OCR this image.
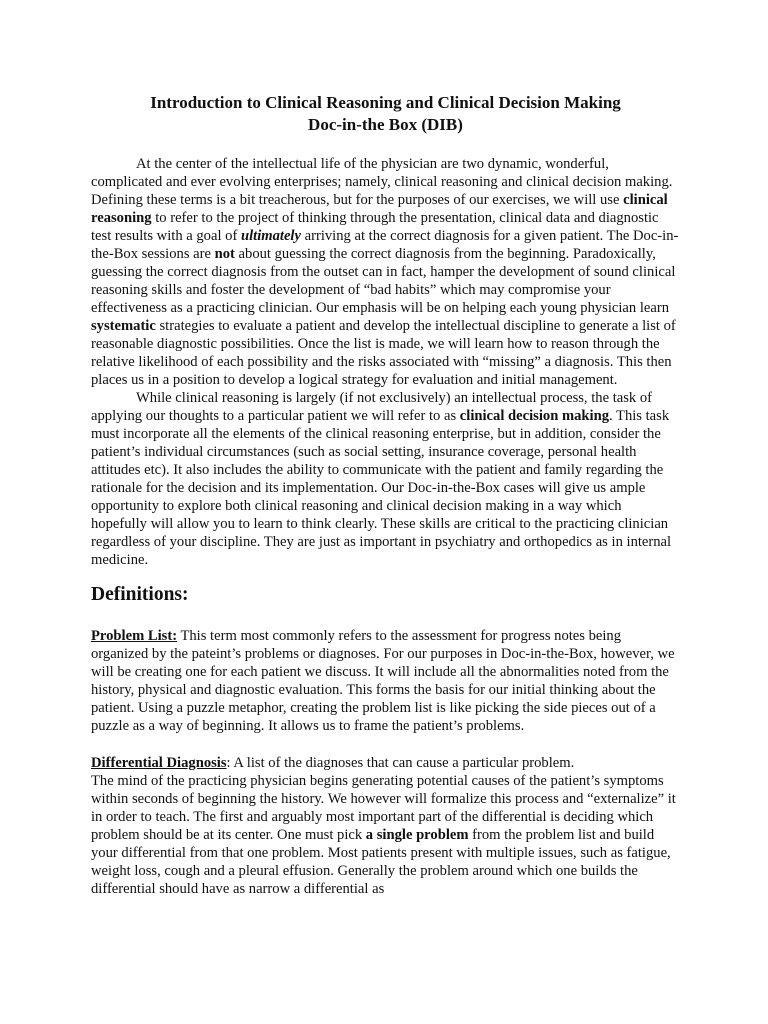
Introduction to Clinical Reasoning and Clinical Decision Making
Doc-in-the Box (DIB)

At the center of the intellectual life of the physician are two dynamic, wonderful, complicated and ever evolving enterprises; namely, clinical reasoning and clinical decision making. Defining these terms is a bit treacherous, but for the purposes of our exercises, we will use clinical reasoning to refer to the project of thinking through the presentation, clinical data and diagnostic test results with a goal of ultimately arriving at the correct diagnosis for a given patient. The Doc-in-the-Box sessions are not about guessing the correct diagnosis from the beginning. Paradoxically, guessing the correct diagnosis from the outset can in fact, hamper the development of sound clinical reasoning skills and foster the development of “bad habits” which may compromise your effectiveness as a practicing clinician. Our emphasis will be on helping each young physician learn systematic strategies to evaluate a patient and develop the intellectual discipline to generate a list of reasonable diagnostic possibilities. Once the list is made, we will learn how to reason through the relative likelihood of each possibility and the risks associated with “missing” a diagnosis. This then places us in a position to develop a logical strategy for evaluation and initial management.

While clinical reasoning is largely (if not exclusively) an intellectual process, the task of applying our thoughts to a particular patient we will refer to as clinical decision making. This task must incorporate all the elements of the clinical reasoning enterprise, but in addition, consider the patient’s individual circumstances (such as social setting, insurance coverage, personal health attitudes etc). It also includes the ability to communicate with the patient and family regarding the rationale for the decision and its implementation. Our Doc-in-the-Box cases will give us ample opportunity to explore both clinical reasoning and clinical decision making in a way which hopefully will allow you to learn to think clearly. These skills are critical to the practicing clinician regardless of your discipline. They are just as important in psychiatry and orthopedics as in internal medicine.

Definitions:

Problem List: This term most commonly refers to the assessment for progress notes being organized by the pateint’s problems or diagnoses. For our purposes in Doc-in-the-Box, however, we will be creating one for each patient we discuss. It will include all the abnormalities noted from the history, physical and diagnostic evaluation. This forms the basis for our initial thinking about the patient. Using a puzzle metaphor, creating the problem list is like picking the side pieces out of a puzzle as a way of beginning. It allows us to frame the patient’s problems.

Differential Diagnosis: A list of the diagnoses that can cause a particular problem.
The mind of the practicing physician begins generating potential causes of the patient’s symptoms within seconds of beginning the history. We however will formalize this process and “externalize” it in order to teach. The first and arguably most important part of the differential is deciding which problem should be at its center. One must pick a single problem from the problem list and build your differential from that one problem. Most patients present with multiple issues, such as fatigue, weight loss, cough and a pleural effusion. Generally the problem around which one builds the differential should have as narrow a differential as
